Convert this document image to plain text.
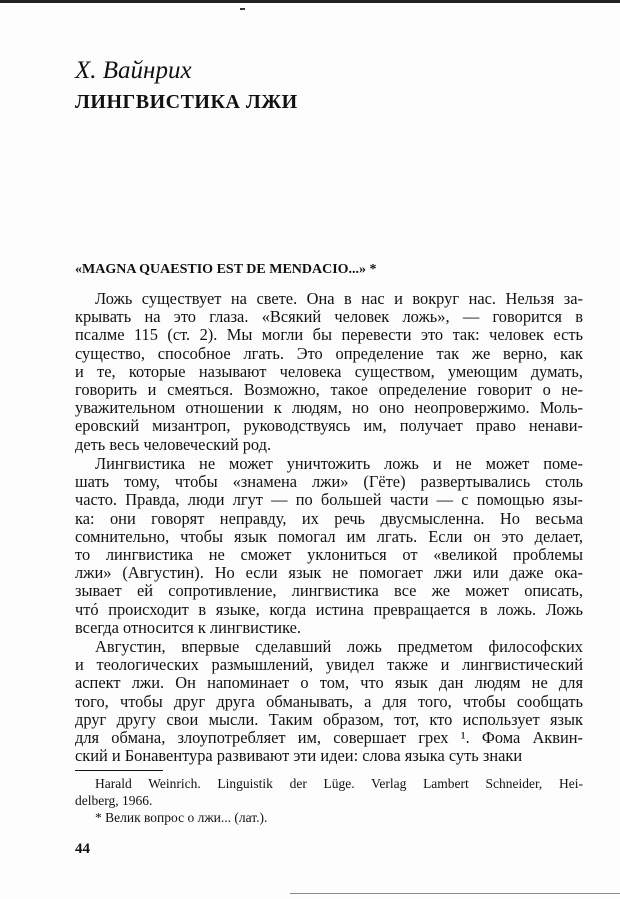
Х. Вайнрих
ЛИНГВИСТИКА ЛЖИ
«MAGNA QUAESTIO EST DE MENDACIO...» *
Ложь существует на свете. Она в нас и вокруг нас. Нельзя за-
крывать на это глаза. «Всякий человек ложь», — говорится в
псалме 115 (ст. 2). Мы могли бы перевести это так: человек есть
существо, способное лгать. Это определение так же верно, как
и те, которые называют человека существом, умеющим думать,
говорить и смеяться. Возможно, такое определение говорит о не-
уважительном отношении к людям, но оно неопровержимо. Моль-
еровский мизантроп, руководствуясь им, получает право ненави-
деть весь человеческий род.
Лингвистика не может уничтожить ложь и не может поме-
шать тому, чтобы «знамена лжи» (Гёте) развертывались столь
часто. Правда, люди лгут — по большей части — с помощью язы-
ка: они говорят неправду, их речь двусмысленна. Но весьма
сомнительно, чтобы язык помогал им лгать. Если он это делает,
то лингвистика не сможет уклониться от «великой проблемы
лжи» (Августин). Но если язык не помогает лжи или даже ока-
зывает ей сопротивление, лингвистика все же может описать,
чтó происходит в языке, когда истина превращается в ложь. Ложь
всегда относится к лингвистике.
Августин, впервые сделавший ложь предметом философских
и теологических размышлений, увидел также и лингвистический
аспект лжи. Он напоминает о том, что язык дан людям не для
того, чтобы друг друга обманывать, а для того, чтобы сообщать
друг другу свои мысли. Таким образом, тот, кто использует язык
для обмана, злоупотребляет им, совершает грех ¹. Фома Аквин-
ский и Бонавентура развивают эти идеи: слова языка суть знаки
Harald Weinrich. Linguistik der Lüge. Verlag Lambert Schneider, Hei-
delberg, 1966.
* Велик вопрос о лжи... (лат.).
44
